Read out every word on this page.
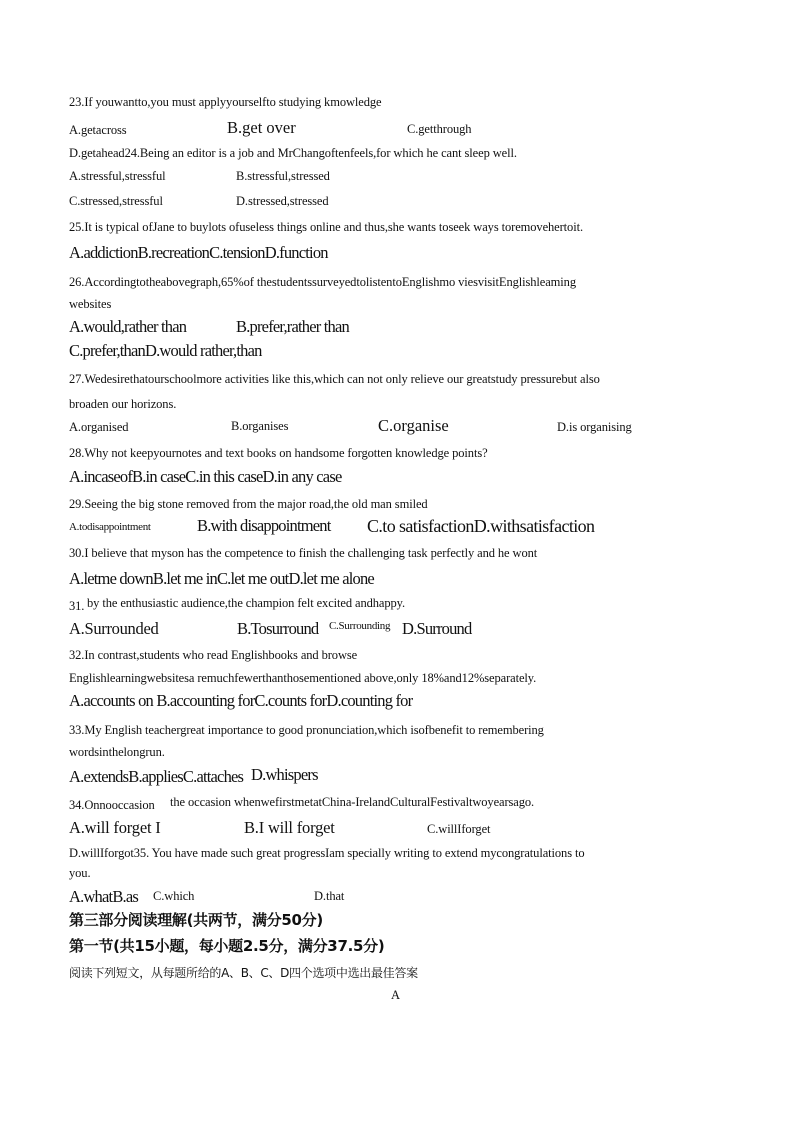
23.If youwantto,you must applyyourselfto studying kmowledge
A.getacross	B.get over	C.getthrough
D.getahead24.Being an editor is a job and MrChangoftenfeels,for which he cant sleep well.
A.stressful,stressful	B.stressful,stressed
C.stressed,stressful	D.stressed,stressed
25.It is typical ofJane to buylots ofuseless things online and thus,she wants toseek ways toremovehertoit.
A.addictionB.recreationC.tensionD.function
26.Accordingtotheabovegraph,65%of thestudentssurveyedtolistentoEnglishmo viesvisitEnglishleaming
websites
A.would,rather than	B.prefer,rather than
C.prefer,thanD.would rather,than
27.Wedesirethatourschoolmore activities like this,which can not only relieve our greatstudy pressurebut also
broaden our horizons.
A.organised	B.organises	C.organise	D.is organising
28.Why not keepyournotes and text books on handsome forgotten knowledge points?
A.incaseofB.in caseC.in this caseD.in any case
29.Seeing the big stone removed from the major road,the old man smiled
A.todisappointment	B.with disappointment C.to satisfactionD.withsatisfaction
30.I believe that myson has the competence to finish the challenging task perfectly and he wont
A.letme downB.let me inC.let me outD.let me alone
31. by the enthusiastic audience,the champion felt excited andhappy.
A.Surrounded	B.Tosurround C.Surrounding D.Surround
32.In contrast,students who read Englishbooks and browse
Englishlearningwebsitesa remuchfewerthanthosementioned above,only 18%and12%separately.
A.accounts on B.accounting forC.counts forD.counting for
33.My English teachergreat importance to good pronunciation,which isofbenefit to remembering
wordsinthelongrun.
A.extendsB.appliesC.attaches D.whispers
34.Onnooccasion the occasion whenwefirstmetatChina-IrelandCulturalFestivaltwoyearsago.
A.will forget I	B.I will forget	C.willIforget
D.willIforgot35. You have made such great progressIam specially writing to extend mycongratulations to
you.
A.whatB.as C.which	D.that
第三部分阅读理解(共两节，满分50分)
第一节(共15小题，每小题2.5分，满分37.5分)
阅读下列短文，从每题所给的A、B、C、D四个选项中选出最佳答案
A
